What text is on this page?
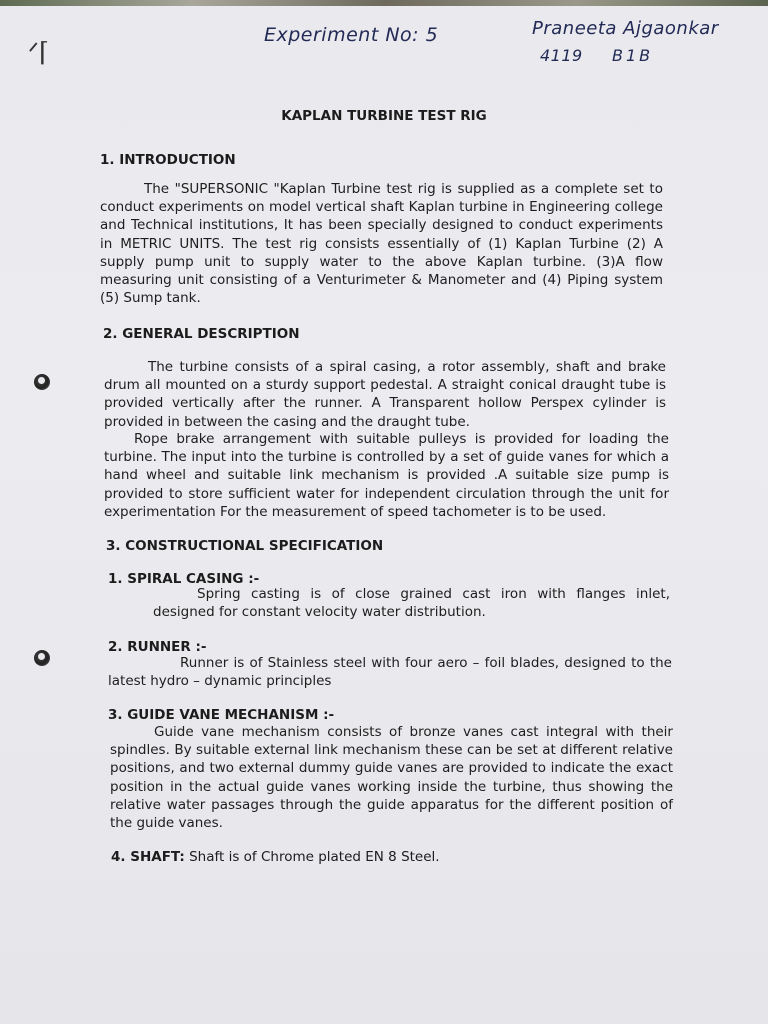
ᐟ⌈
Experiment No: 5	Praneeta Ajgaonkar
4119 B1B
KAPLAN TURBINE TEST RIG
1. INTRODUCTION
The "SUPERSONIC "Kaplan Turbine test rig is supplied as a complete set to conduct experiments on model vertical shaft Kaplan turbine in Engineering college and Technical institutions, It has been specially designed to conduct experiments in METRIC UNITS. The test rig consists essentially of (1) Kaplan Turbine (2) A supply pump unit to supply water to the above Kaplan turbine. (3)A flow measuring unit consisting of a Venturimeter & Manometer and (4) Piping system (5) Sump tank.
2. GENERAL DESCRIPTION
The turbine consists of a spiral casing, a rotor assembly, shaft and brake drum all mounted on a sturdy support pedestal. A straight conical draught tube is provided vertically after the runner. A Transparent hollow Perspex cylinder is provided in between the casing and the draught tube.
Rope brake arrangement with suitable pulleys is provided for loading the turbine. The input into the turbine is controlled by a set of guide vanes for which a hand wheel and suitable link mechanism is provided .A suitable size pump is provided to store sufficient water for independent circulation through the unit for experimentation For the measurement of speed tachometer is to be used.
3. CONSTRUCTIONAL SPECIFICATION
1. SPIRAL CASING :-
Spring casting is of close grained cast iron with flanges inlet, designed for constant velocity water distribution.
2. RUNNER :-
Runner is of Stainless steel with four aero – foil blades, designed to the latest hydro – dynamic principles
3. GUIDE VANE MECHANISM :-
Guide vane mechanism consists of bronze vanes cast integral with their spindles. By suitable external link mechanism these can be set at different relative positions, and two external dummy guide vanes are provided to indicate the exact position in the actual guide vanes working inside the turbine, thus showing the relative water passages through the guide apparatus for the different position of the guide vanes.
4. SHAFT: Shaft is of Chrome plated EN 8 Steel.
